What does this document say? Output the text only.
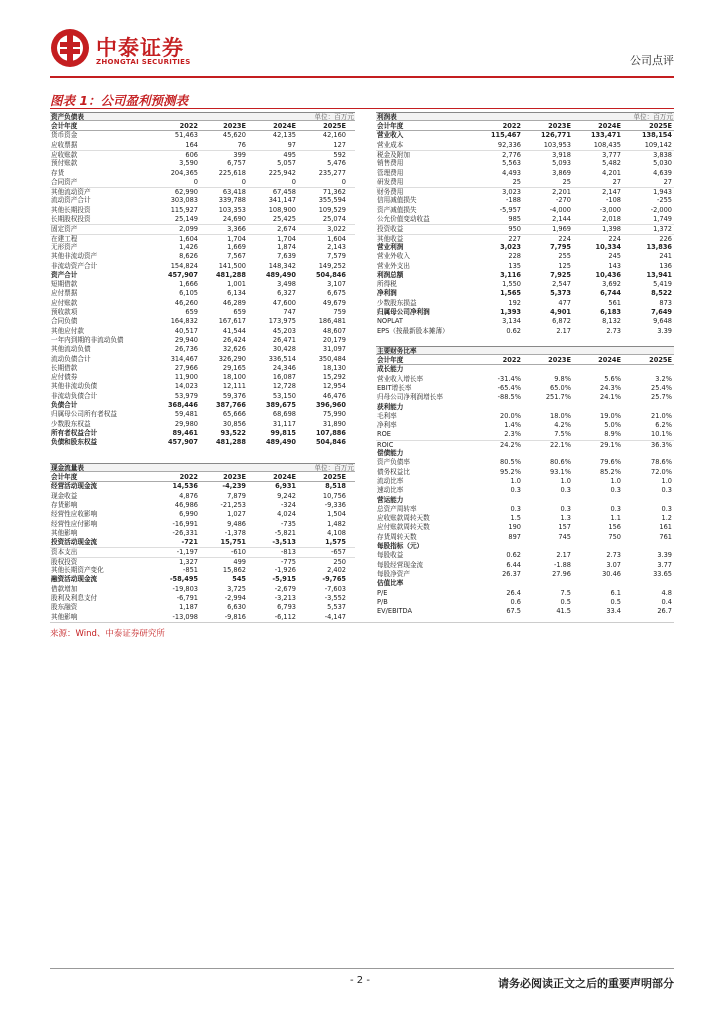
中泰证券
ZHONGTAI SECURITIES	公司点评
图表 1：公司盈利预测表
资产负债表	单位：百万元
会计年度	2022	2023E	2024E	2025E
货币资金	51,463	45,620	42,135	42,160
应收票据	164	76	97	127
应收账款	606	399	495	592
预付账款	3,590	6,757	5,057	5,476
存货	204,365	225,618	225,942	235,277
合同资产	0	0	0	0
其他流动资产	62,990	63,418	67,458	71,362
流动资产合计	303,083	339,788	341,147	355,594
其他长期投资	115,927	103,353	108,900	109,529
长期股权投资	25,149	24,690	25,425	25,074
固定资产	2,099	3,366	2,674	3,022
在建工程	1,604	1,704	1,704	1,604
无形资产	1,426	1,669	1,874	2,143
其他非流动资产	8,626	7,567	7,639	7,579
非流动资产合计	154,824	141,500	148,342	149,252
资产合计	457,907	481,288	489,490	504,846
短期借款	1,666	1,001	3,498	3,107
应付票据	6,105	6,134	6,327	6,675
应付账款	46,260	46,289	47,600	49,679
预收款项	659	659	747	759
合同负债	164,832	167,617	173,975	186,481
其他应付款	40,517	41,544	45,203	48,607
一年内到期的非流动负债	29,940	26,424	26,471	20,179
其他流动负债	26,736	32,626	30,428	31,097
流动负债合计	314,467	326,290	336,514	350,484
长期借款	27,966	29,165	24,346	18,130
应付债券	11,900	18,100	16,087	15,292
其他非流动负债	14,023	12,111	12,728	12,954
非流动负债合计	53,979	59,376	53,150	46,476
负债合计	368,446	387,766	389,675	396,960
归属母公司所有者权益	59,481	65,666	68,698	75,990
少数股东权益	29,980	30,856	31,117	31,890
所有者权益合计	89,461	93,522	99,815	107,886
负债和股东权益	457,907	481,288	489,490	504,846
利润表	单位：百万元
会计年度	2022	2023E	2024E	2025E
营业收入	115,467	126,771	133,471	138,154
营业成本	92,336	103,953	108,435	109,142
税金及附加	2,776	3,918	3,777	3,838
销售费用	5,563	5,093	5,482	5,030
管理费用	4,493	3,869	4,201	4,639
研发费用	25	25	27	27
财务费用	3,023	2,201	2,147	1,943
信用减值损失	-188	-270	-108	-255
资产减值损失	-5,957	-4,000	-3,000	-2,000
公允价值变动收益	985	2,144	2,018	1,749
投资收益	950	1,969	1,398	1,372
其他收益	227	224	224	226
营业利润	3,023	7,795	10,334	13,836
营业外收入	228	255	245	241
营业外支出	135	125	143	136
利润总额	3,116	7,925	10,436	13,941
所得税	1,550	2,547	3,692	5,419
净利润	1,565	5,373	6,744	8,522
少数股东损益	192	477	561	873
归属母公司净利润	1,393	4,901	6,183	7,649
NOPLAT	3,134	6,872	8,132	9,648
EPS（按最新股本摊薄）	0.62	2.17	2.73	3.39
主要财务比率
会计年度	2022	2023E	2024E	2025E
成长能力
营业收入增长率	-31.4%	9.8%	5.6%	3.2%
EBIT增长率	-65.4%	65.0%	24.3%	25.4%
归母公司净利润增长率	-88.5%	251.7%	24.1%	25.7%
获利能力
毛利率	20.0%	18.0%	19.0%	21.0%
净利率	1.4%	4.2%	5.0%	6.2%
ROE	2.3%	7.5%	8.9%	10.1%
ROIC	24.2%	22.1%	29.1%	36.3%
偿债能力
资产负债率	80.5%	80.6%	79.6%	78.6%
债务权益比	95.2%	93.1%	85.2%	72.0%
流动比率	1.0	1.0	1.0	1.0
速动比率	0.3	0.3	0.3	0.3
营运能力
总资产周转率	0.3	0.3	0.3	0.3
应收账款周转天数	1.5	1.3	1.1	1.2
应付账款周转天数	190	157	156	161
存货周转天数	897	745	750	761
每股指标（元）
每股收益	0.62	2.17	2.73	3.39
每股经营现金流	6.44	-1.88	3.07	3.77
每股净资产	26.37	27.96	30.46	33.65
估值比率
P/E	26.4	7.5	6.1	4.8
P/B	0.6	0.5	0.5	0.4
EV/EBITDA	67.5	41.5	33.4	26.7
现金流量表	单位：百万元
会计年度	2022	2023E	2024E	2025E
经营活动现金流	14,536	-4,239	6,931	8,518
现金收益	4,876	7,879	9,242	10,756
存货影响	46,986	-21,253	-324	-9,336
经营性应收影响	6,990	1,027	4,024	1,504
经营性应付影响	-16,991	9,486	-735	1,482
其他影响	-26,331	-1,378	-5,821	4,108
投资活动现金流	-721	15,751	-3,513	1,575
资本支出	-1,197	-610	-813	-657
股权投资	1,327	499	-775	250
其他长期资产变化	-851	15,862	-1,926	2,402
融资活动现金流	-58,495	545	-5,915	-9,765
借款增加	-19,803	3,725	-2,679	-7,603
股利及利息支付	-6,791	-2,994	-3,213	-3,552
股东融资	1,187	6,630	6,793	5,537
其他影响	-13,098	-9,816	-6,112	-4,147
来源：Wind、中泰证券研究所
- 2 -	请务必阅读正文之后的重要声明部分
